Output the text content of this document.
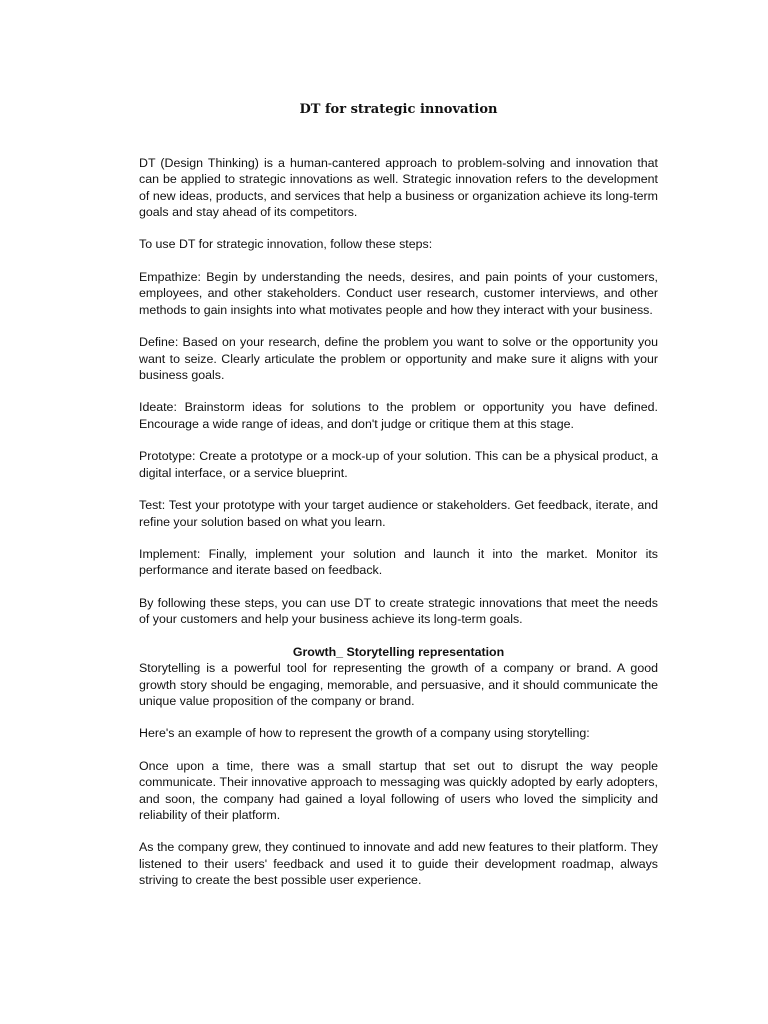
DT for strategic innovation

DT (Design Thinking) is a human-cantered approach to problem-solving and innovation that can be applied to strategic innovations as well. Strategic innovation refers to the development of new ideas, products, and services that help a business or organization achieve its long-term goals and stay ahead of its competitors.

To use DT for strategic innovation, follow these steps:

Empathize: Begin by understanding the needs, desires, and pain points of your customers, employees, and other stakeholders. Conduct user research, customer interviews, and other methods to gain insights into what motivates people and how they interact with your business.

Define: Based on your research, define the problem you want to solve or the opportunity you want to seize. Clearly articulate the problem or opportunity and make sure it aligns with your business goals.

Ideate: Brainstorm ideas for solutions to the problem or opportunity you have defined. Encourage a wide range of ideas, and don't judge or critique them at this stage.

Prototype: Create a prototype or a mock-up of your solution. This can be a physical product, a digital interface, or a service blueprint.

Test: Test your prototype with your target audience or stakeholders. Get feedback, iterate, and refine your solution based on what you learn.

Implement: Finally, implement your solution and launch it into the market. Monitor its performance and iterate based on feedback.

By following these steps, you can use DT to create strategic innovations that meet the needs of your customers and help your business achieve its long-term goals.

Growth_ Storytelling representation

Storytelling is a powerful tool for representing the growth of a company or brand. A good growth story should be engaging, memorable, and persuasive, and it should communicate the unique value proposition of the company or brand.

Here's an example of how to represent the growth of a company using storytelling:

Once upon a time, there was a small startup that set out to disrupt the way people communicate. Their innovative approach to messaging was quickly adopted by early adopters, and soon, the company had gained a loyal following of users who loved the simplicity and reliability of their platform.

As the company grew, they continued to innovate and add new features to their platform. They listened to their users' feedback and used it to guide their development roadmap, always striving to create the best possible user experience.
